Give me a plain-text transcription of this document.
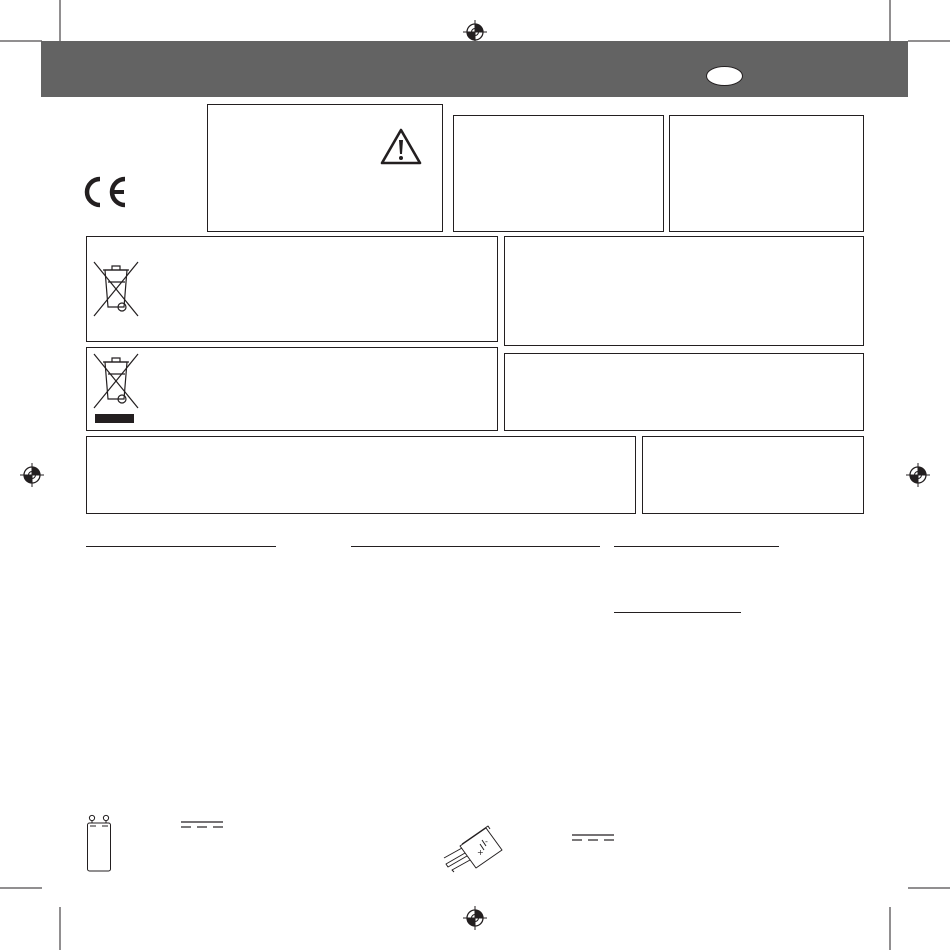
+
-
